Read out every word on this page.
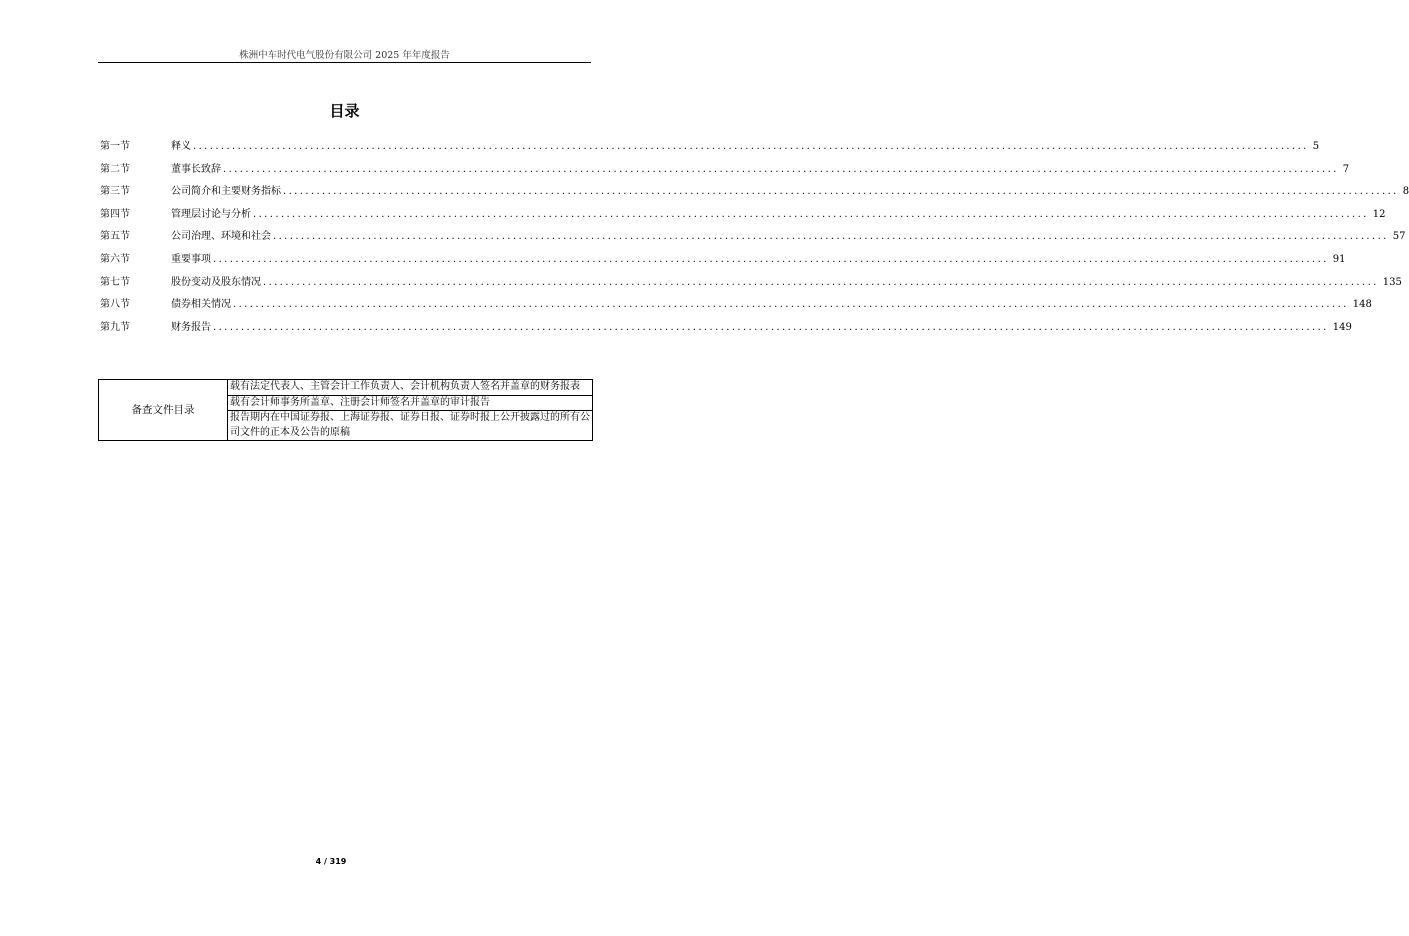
株洲中车时代电气股份有限公司 2025 年年度报告
目录
第一节	释义 ........................................................................................................................................................................................................ 5
第二节	董事长致辞 ........................................................................................................................................................................................................ 7
第三节	公司简介和主要财务指标 ........................................................................................................................................................................................................ 8
第四节	管理层讨论与分析 ........................................................................................................................................................................................................ 12
第五节	公司治理、环境和社会 ........................................................................................................................................................................................................ 57
第六节	重要事项 ........................................................................................................................................................................................................ 91
第七节	股份变动及股东情况 ........................................................................................................................................................................................................ 135
第八节	债券相关情况 ........................................................................................................................................................................................................ 148
第九节	财务报告 ........................................................................................................................................................................................................ 149
备查文件目录	载有法定代表人、主管会计工作负责人、会计机构负责人签名并盖章的财务报表
载有会计师事务所盖章、注册会计师签名并盖章的审计报告
报告期内在中国证券报、上海证券报、证券日报、证券时报上公开披露过的所有公司文件的正本及公告的原稿
4 / 319
